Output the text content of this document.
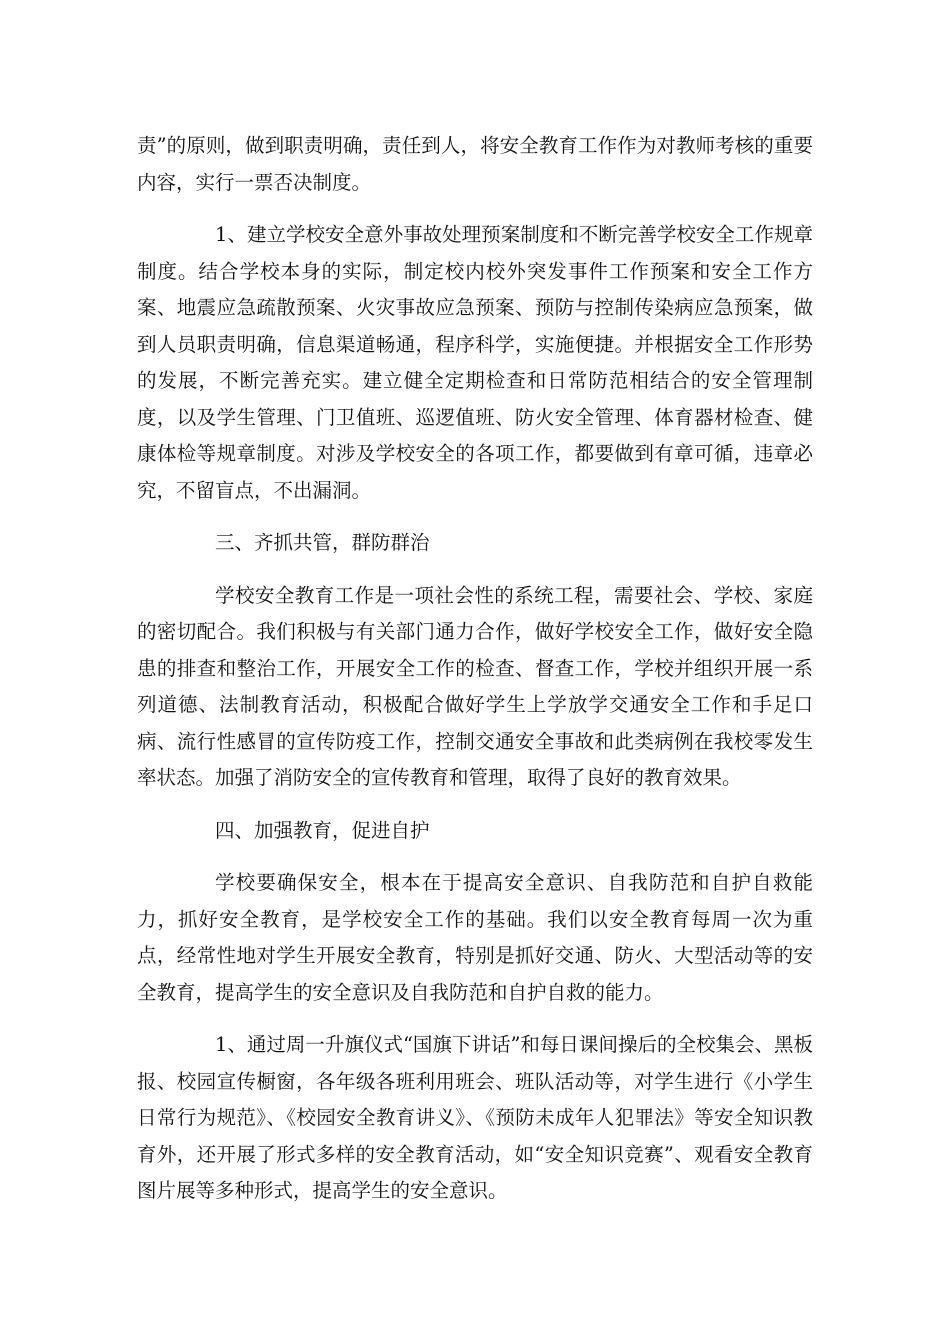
责”的原则，做到职责明确，责任到人，将安全教育工作作为对教师考核的重要内容，实行一票否决制度。

1、建立学校安全意外事故处理预案制度和不断完善学校安全工作规章制度。结合学校本身的实际，制定校内校外突发事件工作预案和安全工作方案、地震应急疏散预案、火灾事故应急预案、预防与控制传染病应急预案，做到人员职责明确，信息渠道畅通，程序科学，实施便捷。并根据安全工作形势的发展，不断完善充实。建立健全定期检查和日常防范相结合的安全管理制度，以及学生管理、门卫值班、巡逻值班、防火安全管理、体育器材检查、健康体检等规章制度。对涉及学校安全的各项工作，都要做到有章可循，违章必究，不留盲点，不出漏洞。

三、齐抓共管，群防群治

学校安全教育工作是一项社会性的系统工程，需要社会、学校、家庭的密切配合。我们积极与有关部门通力合作，做好学校安全工作，做好安全隐患的排查和整治工作，开展安全工作的检查、督查工作，学校并组织开展一系列道德、法制教育活动，积极配合做好学生上学放学交通安全工作和手足口病、流行性感冒的宣传防疫工作，控制交通安全事故和此类病例在我校零发生率状态。加强了消防安全的宣传教育和管理，取得了良好的教育效果。

四、加强教育，促进自护

学校要确保安全，根本在于提高安全意识、自我防范和自护自救能力，抓好安全教育，是学校安全工作的基础。我们以安全教育每周一次为重点，经常性地对学生开展安全教育，特别是抓好交通、防火、大型活动等的安全教育，提高学生的安全意识及自我防范和自护自救的能力。

1、通过周一升旗仪式“国旗下讲话”和每日课间操后的全校集会、黑板报、校园宣传橱窗，各年级各班利用班会、班队活动等，对学生进行《小学生日常行为规范》、《校园安全教育讲义》、《预防未成年人犯罪法》等安全知识教育外，还开展了形式多样的安全教育活动，如“安全知识竞赛”、观看安全教育图片展等多种形式，提高学生的安全意识。
